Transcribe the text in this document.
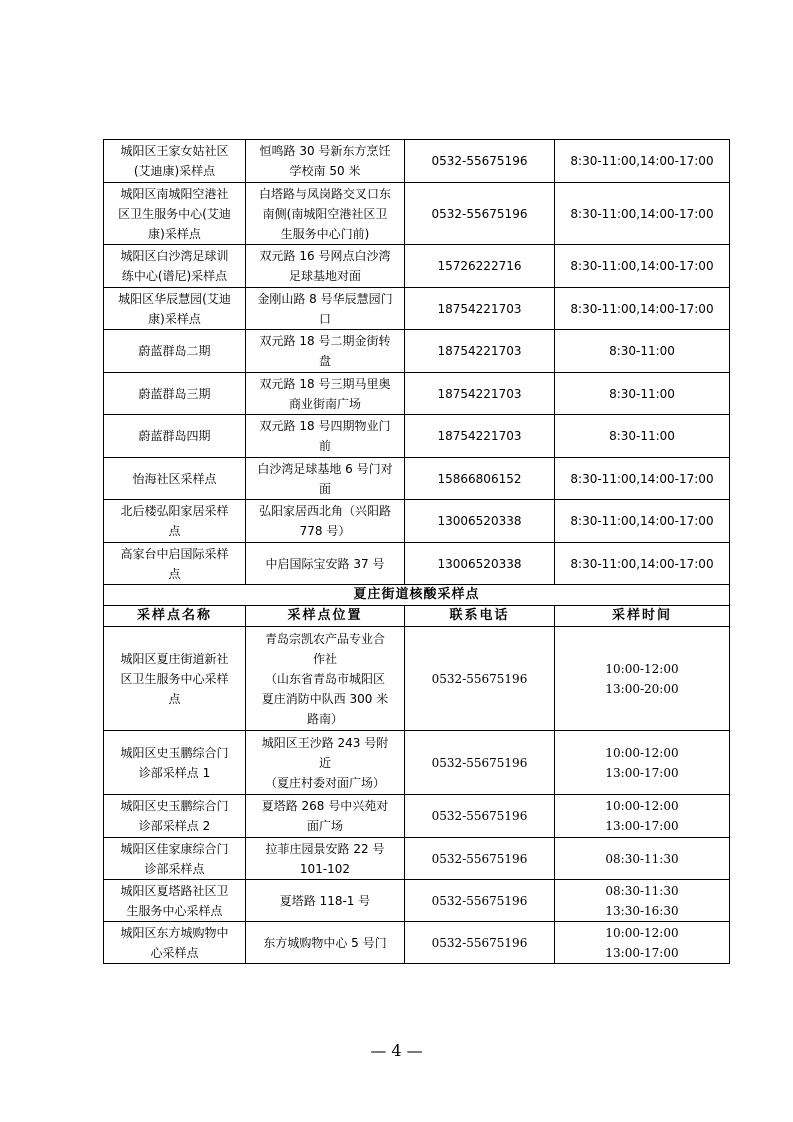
城阳区王家女姑社区
(艾迪康)采样点	恒鸣路 30 号新东方烹饪
学校南 50 米	0532-55675196	8:30-11:00,14:00-17:00

城阳区南城阳空港社
区卫生服务中心(艾迪
康)采样点	白塔路与凤岗路交叉口东
南侧(南城阳空港社区卫
生服务中心门前)	0532-55675196	8:30-11:00,14:00-17:00

城阳区白沙湾足球训
练中心(谱尼)采样点	双元路 16 号网点白沙湾
足球基地对面	15726222716	8:30-11:00,14:00-17:00

城阳区华辰慧园(艾迪
康)采样点	金刚山路 8 号华辰慧园门
口	18754221703	8:30-11:00,14:00-17:00

蔚蓝群岛二期	双元路 18 号二期金街转
盘	18754221703	8:30-11:00

蔚蓝群岛三期	双元路 18 号三期马里奥
商业街南广场	18754221703	8:30-11:00

蔚蓝群岛四期	双元路 18 号四期物业门
前	18754221703	8:30-11:00

怡海社区采样点	白沙湾足球基地 6 号门对
面	15866806152	8:30-11:00,14:00-17:00

北后楼弘阳家居采样
点	弘阳家居西北角（兴阳路
778 号）	13006520338	8:30-11:00,14:00-17:00

高家台中启国际采样
点	中启国际宝安路 37 号	13006520338	8:30-11:00,14:00-17:00
夏庄街道核酸采样点			
采样点名称	采样点位置	联系电话	采样时间

城阳区夏庄街道新社
区卫生服务中心采样
点	青岛宗凯农产品专业合
作社
（山东省青岛市城阳区
夏庄消防中队西 300 米
路南）	0532-55675196	10:00-12:00
13:00-20:00

城阳区史玉鹏综合门
诊部采样点 1	城阳区王沙路 243 号附
近
（夏庄村委对面广场）	0532-55675196	10:00-12:00
13:00-17:00

城阳区史玉鹏综合门
诊部采样点 2	夏塔路 268 号中兴苑对
面广场	0532-55675196	10:00-12:00
13:00-17:00

城阳区佳家康综合门
诊部采样点	拉菲庄园景安路 22 号
101-102	0532-55675196	08:30-11:30

城阳区夏塔路社区卫
生服务中心采样点	夏塔路 118-1 号	0532-55675196	08:30-11:30
13:30-16:30

城阳区东方城购物中
心采样点	东方城购物中心 5 号门	0532-55675196	10:00-12:00
13:00-17:00
— 4 —
